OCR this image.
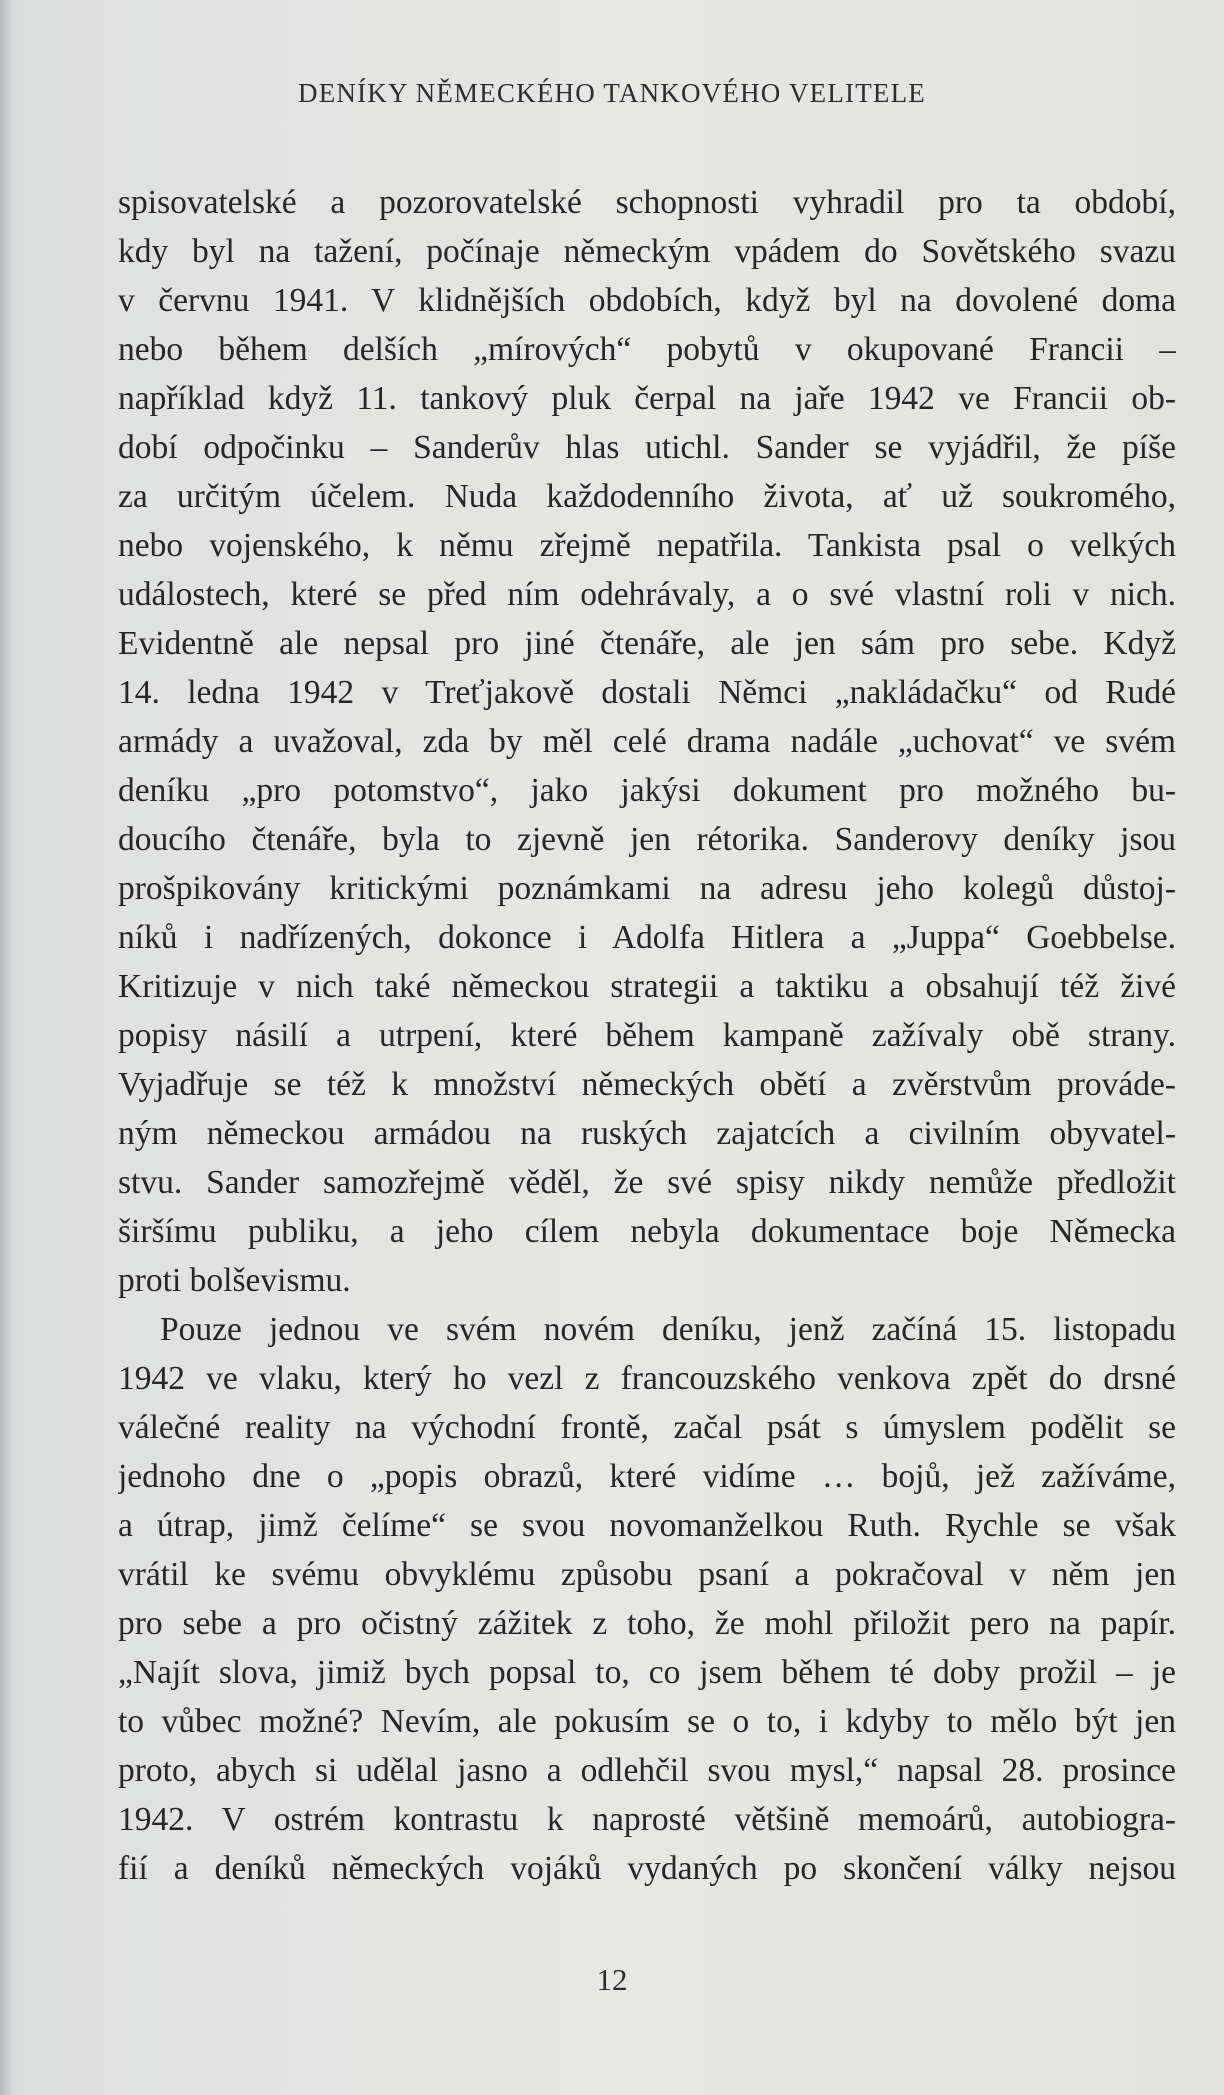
DENÍKY NĚMECKÉHO TANKOVÉHO VELITELE
spisovatelské a pozorovatelské schopnosti vyhradil pro ta období,
kdy byl na tažení, počínaje německým vpádem do Sovětského svazu
v červnu 1941. V klidnějších obdobích, když byl na dovolené doma
nebo během delších „mírových“ pobytů v okupované Francii –
například když 11. tankový pluk čerpal na jaře 1942 ve Francii ob-
dobí odpočinku – Sanderův hlas utichl. Sander se vyjádřil, že píše
za určitým účelem. Nuda každodenního života, ať už soukromého,
nebo vojenského, k němu zřejmě nepatřila. Tankista psal o velkých
událostech, které se před ním odehrávaly, a o své vlastní roli v nich.
Evidentně ale nepsal pro jiné čtenáře, ale jen sám pro sebe. Když
14. ledna 1942 v Treťjakově dostali Němci „nakládačku“ od Rudé
armády a uvažoval, zda by měl celé drama nadále „uchovat“ ve svém
deníku „pro potomstvo“, jako jakýsi dokument pro možného bu-
doucího čtenáře, byla to zjevně jen rétorika. Sanderovy deníky jsou
prošpikovány kritickými poznámkami na adresu jeho kolegů důstoj-
níků i nadřízených, dokonce i Adolfa Hitlera a „Juppa“ Goebbelse.
Kritizuje v nich také německou strategii a taktiku a obsahují též živé
popisy násilí a utrpení, které během kampaně zažívaly obě strany.
Vyjadřuje se též k množství německých obětí a zvěrstvům prováde-
ným německou armádou na ruských zajatcích a civilním obyvatel-
stvu. Sander samozřejmě věděl, že své spisy nikdy nemůže předložit
širšímu publiku, a jeho cílem nebyla dokumentace boje Německa
proti bolševismu.
Pouze jednou ve svém novém deníku, jenž začíná 15. listopadu
1942 ve vlaku, který ho vezl z francouzského venkova zpět do drsné
válečné reality na východní frontě, začal psát s úmyslem podělit se
jednoho dne o „popis obrazů, které vidíme … bojů, jež zažíváme,
a útrap, jimž čelíme“ se svou novomanželkou Ruth. Rychle se však
vrátil ke svému obvyklému způsobu psaní a pokračoval v něm jen
pro sebe a pro očistný zážitek z toho, že mohl přiložit pero na papír.
„Najít slova, jimiž bych popsal to, co jsem během té doby prožil – je
to vůbec možné? Nevím, ale pokusím se o to, i kdyby to mělo být jen
proto, abych si udělal jasno a odlehčil svou mysl,“ napsal 28. prosince
1942. V ostrém kontrastu k naprosté většině memoárů, autobiogra-
fií a deníků německých vojáků vydaných po skončení války nejsou
12
